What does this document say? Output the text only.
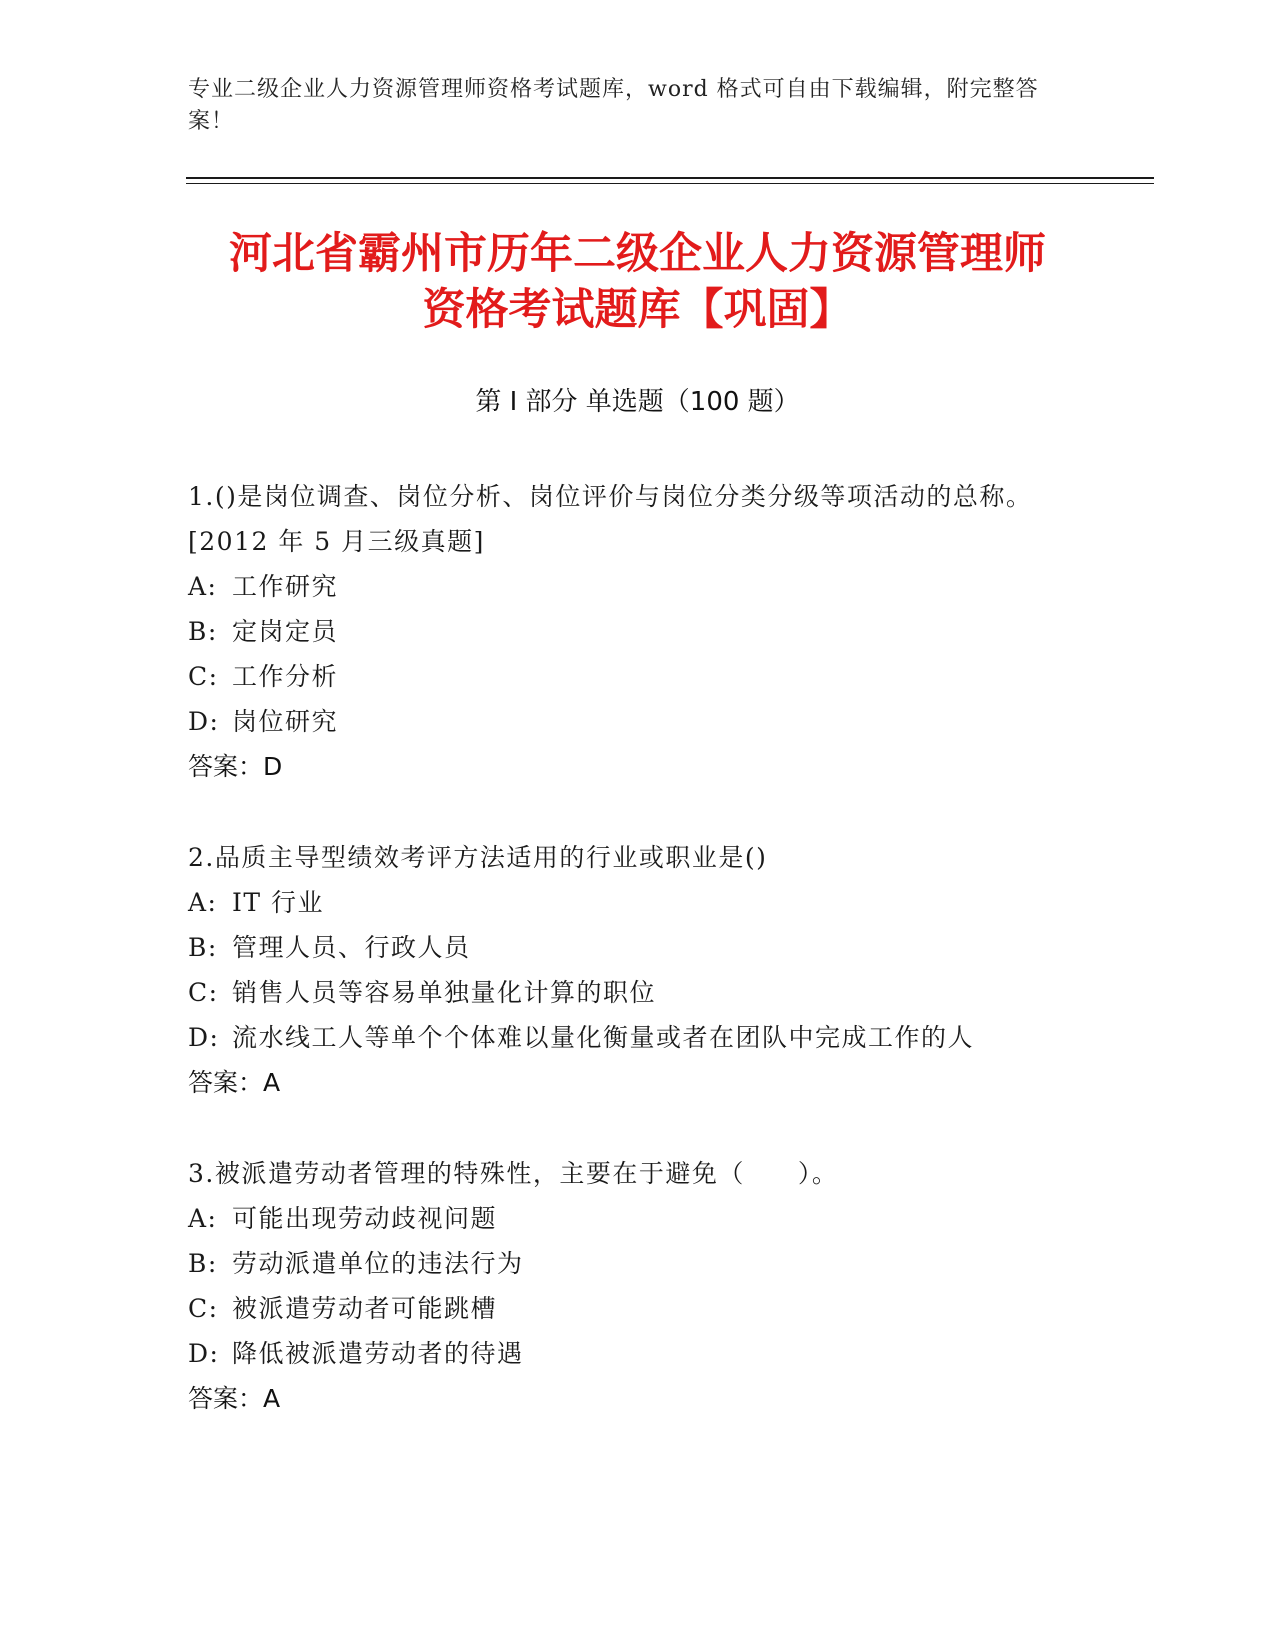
专业二级企业人力资源管理师资格考试题库，word 格式可自由下载编辑，附完整答案！
河北省霸州市历年二级企业人力资源管理师
资格考试题库【巩固】
第 I 部分 单选题（100 题）

1.()是岗位调查、岗位分析、岗位评价与岗位分类分级等项活动的总称。[2012 年 5 月三级真题]

A: 工作研究

B: 定岗定员

C: 工作分析

D: 岗位研究

答案：D

2.品质主导型绩效考评方法适用的行业或职业是()

A: IT 行业

B: 管理人员、行政人员

C: 销售人员等容易单独量化计算的职位

D: 流水线工人等单个个体难以量化衡量或者在团队中完成工作的人

答案：A

3.被派遣劳动者管理的特殊性，主要在于避免（　　）。

A: 可能出现劳动歧视问题

B: 劳动派遣单位的违法行为

C: 被派遣劳动者可能跳槽

D: 降低被派遣劳动者的待遇

答案：A
